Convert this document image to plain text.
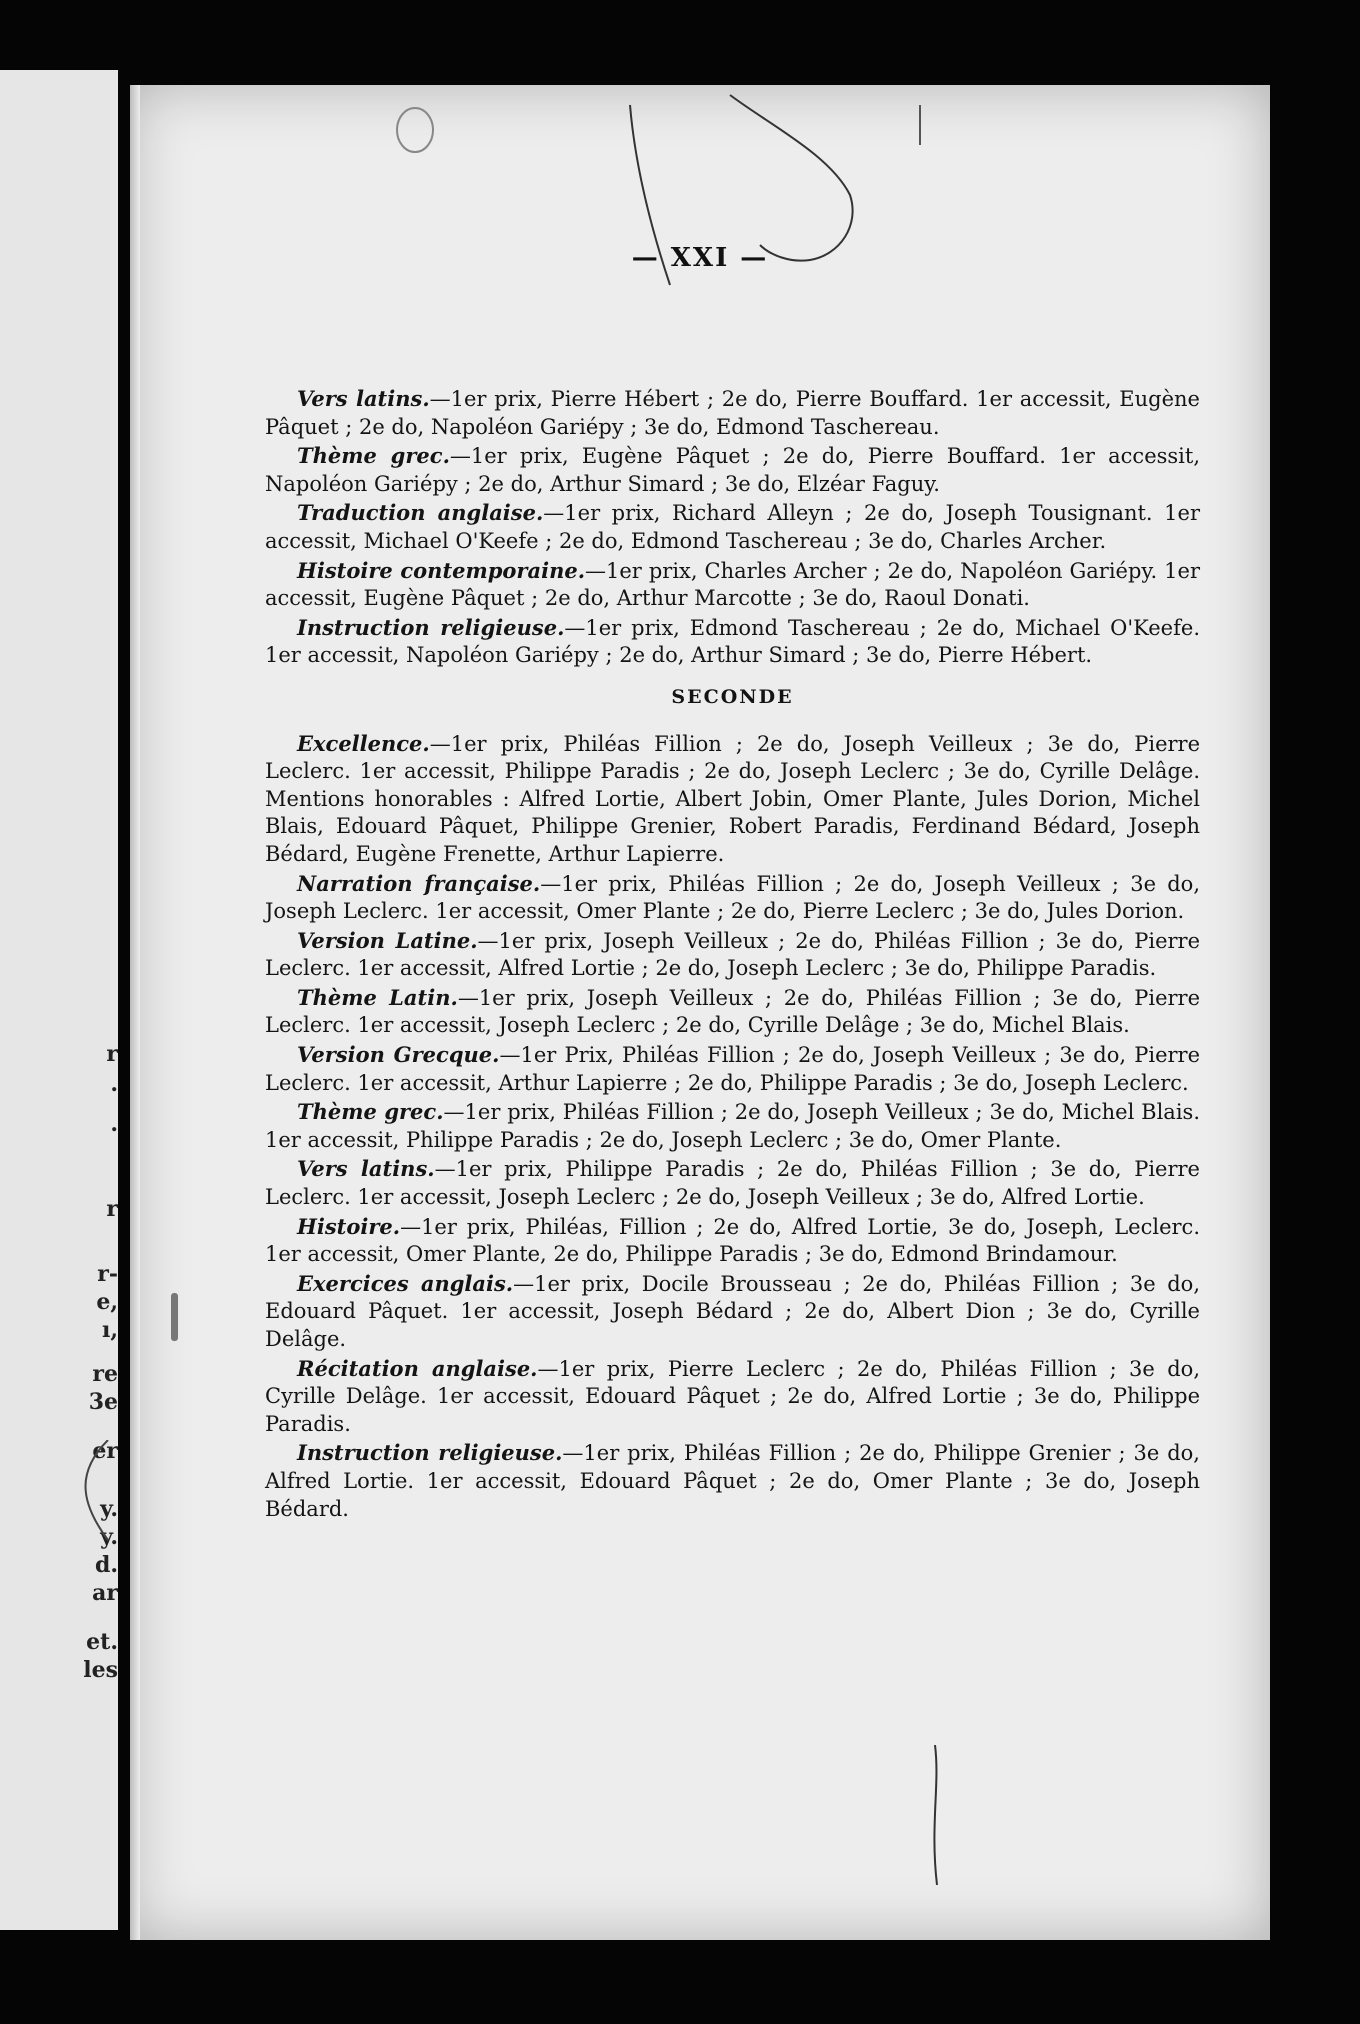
r
.
.
r
r-
e,
ı,
re
3e
er
y.
y.
d.
ar
et.
les
— XXI —

Vers latins.—1er prix, Pierre Hébert ; 2e do, Pierre Bouffard. 1er accessit, Eugène Pâquet ; 2e do, Napoléon Gariépy ; 3e do, Edmond Taschereau.

Thème grec.—1er prix, Eugène Pâquet ; 2e do, Pierre Bouffard. 1er accessit, Napoléon Gariépy ; 2e do, Arthur Simard ; 3e do, Elzéar Faguy.

Traduction anglaise.—1er prix, Richard Alleyn ; 2e do, Joseph Tousignant. 1er accessit, Michael O'Keefe ; 2e do, Edmond Taschereau ; 3e do, Charles Archer.

Histoire contemporaine.—1er prix, Charles Archer ; 2e do, Napoléon Gariépy. 1er accessit, Eugène Pâquet ; 2e do, Arthur Marcotte ; 3e do, Raoul Donati.

Instruction religieuse.—1er prix, Edmond Taschereau ; 2e do, Michael O'Keefe. 1er accessit, Napoléon Gariépy ; 2e do, Arthur Simard ; 3e do, Pierre Hébert.

SECONDE

Excellence.—1er prix, Philéas Fillion ; 2e do, Joseph Veilleux ; 3e do, Pierre Leclerc. 1er accessit, Philippe Paradis ; 2e do, Joseph Leclerc ; 3e do, Cyrille Delâge. Mentions honorables : Alfred Lortie, Albert Jobin, Omer Plante, Jules Dorion, Michel Blais, Edouard Pâquet, Philippe Grenier, Robert Paradis, Ferdinand Bédard, Joseph Bédard, Eugène Frenette, Arthur Lapierre.

Narration française.—1er prix, Philéas Fillion ; 2e do, Joseph Veilleux ; 3e do, Joseph Leclerc. 1er accessit, Omer Plante ; 2e do, Pierre Leclerc ; 3e do, Jules Dorion.

Version Latine.—1er prix, Joseph Veilleux ; 2e do, Philéas Fillion ; 3e do, Pierre Leclerc. 1er accessit, Alfred Lortie ; 2e do, Joseph Leclerc ; 3e do, Philippe Paradis.

Thème Latin.—1er prix, Joseph Veilleux ; 2e do, Philéas Fillion ; 3e do, Pierre Leclerc. 1er accessit, Joseph Leclerc ; 2e do, Cyrille Delâge ; 3e do, Michel Blais.

Version Grecque.—1er Prix, Philéas Fillion ; 2e do, Joseph Veilleux ; 3e do, Pierre Leclerc. 1er accessit, Arthur Lapierre ; 2e do, Philippe Paradis ; 3e do, Joseph Leclerc.

Thème grec.—1er prix, Philéas Fillion ; 2e do, Joseph Veilleux ; 3e do, Michel Blais. 1er accessit, Philippe Paradis ; 2e do, Joseph Leclerc ; 3e do, Omer Plante.

Vers latins.—1er prix, Philippe Paradis ; 2e do, Philéas Fillion ; 3e do, Pierre Leclerc. 1er accessit, Joseph Leclerc ; 2e do, Joseph Veilleux ; 3e do, Alfred Lortie.

Histoire.—1er prix, Philéas, Fillion ; 2e do, Alfred Lortie, 3e do, Joseph, Leclerc. 1er accessit, Omer Plante, 2e do, Philippe Paradis ; 3e do, Edmond Brindamour.

Exercices anglais.—1er prix, Docile Brousseau ; 2e do, Philéas Fillion ; 3e do, Edouard Pâquet. 1er accessit, Joseph Bédard ; 2e do, Albert Dion ; 3e do, Cyrille Delâge.

Récitation anglaise.—1er prix, Pierre Leclerc ; 2e do, Philéas Fillion ; 3e do, Cyrille Delâge. 1er accessit, Edouard Pâquet ; 2e do, Alfred Lortie ; 3e do, Philippe Paradis.

Instruction religieuse.—1er prix, Philéas Fillion ; 2e do, Philippe Grenier ; 3e do, Alfred Lortie. 1er accessit, Edouard Pâquet ; 2e do, Omer Plante ; 3e do, Joseph Bédard.
